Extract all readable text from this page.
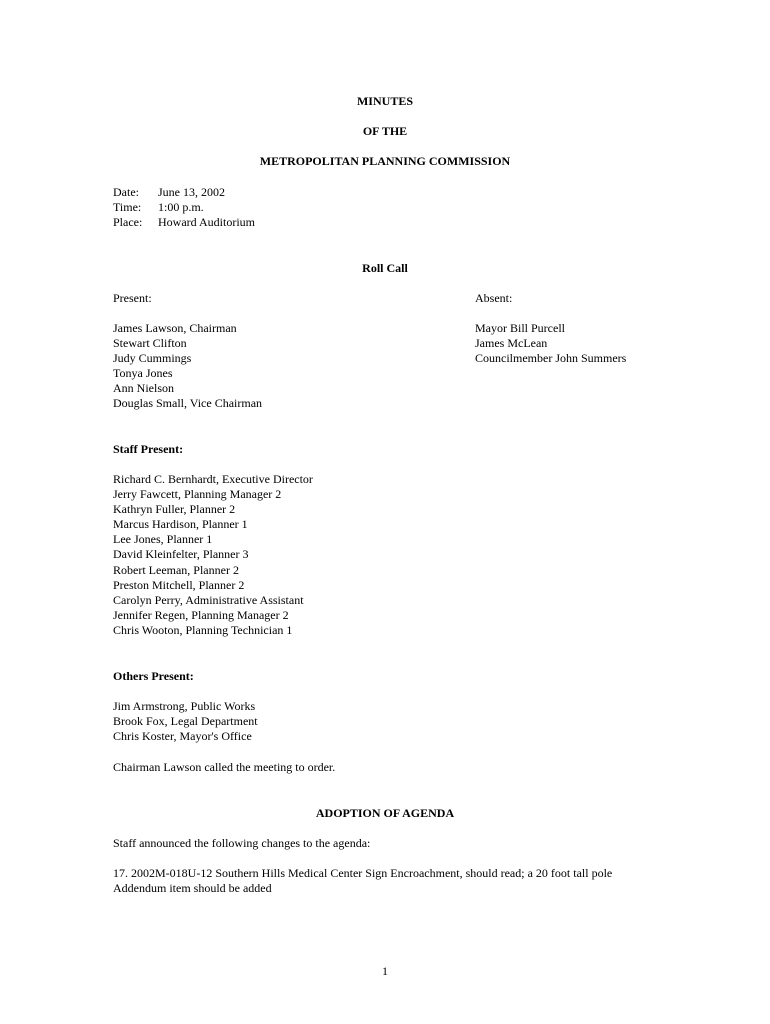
MINUTES
OF THE
METROPOLITAN PLANNING COMMISSION
Date: June 13, 2002
Time: 1:00 p.m.
Place: Howard Auditorium
Roll Call
Present:	Absent:
James Lawson, Chairman
Stewart Clifton
Judy Cummings
Tonya Jones
Ann Nielson
Douglas Small, Vice Chairman
Mayor Bill Purcell
James McLean
Councilmember John Summers
Staff Present:
Richard C. Bernhardt, Executive Director
Jerry Fawcett, Planning Manager 2
Kathryn Fuller, Planner 2
Marcus Hardison, Planner 1
Lee Jones, Planner 1
David Kleinfelter, Planner 3
Robert Leeman, Planner 2
Preston Mitchell, Planner 2
Carolyn Perry, Administrative Assistant
Jennifer Regen, Planning Manager 2
Chris Wooton, Planning Technician 1
Others Present:
Jim Armstrong, Public Works
Brook Fox, Legal Department
Chris Koster, Mayor's Office
Chairman Lawson called the meeting to order.
ADOPTION OF AGENDA
Staff announced the following changes to the agenda:
17. 2002M-018U-12 Southern Hills Medical Center Sign Encroachment, should read; a 20 foot tall pole
Addendum item should be added
1
